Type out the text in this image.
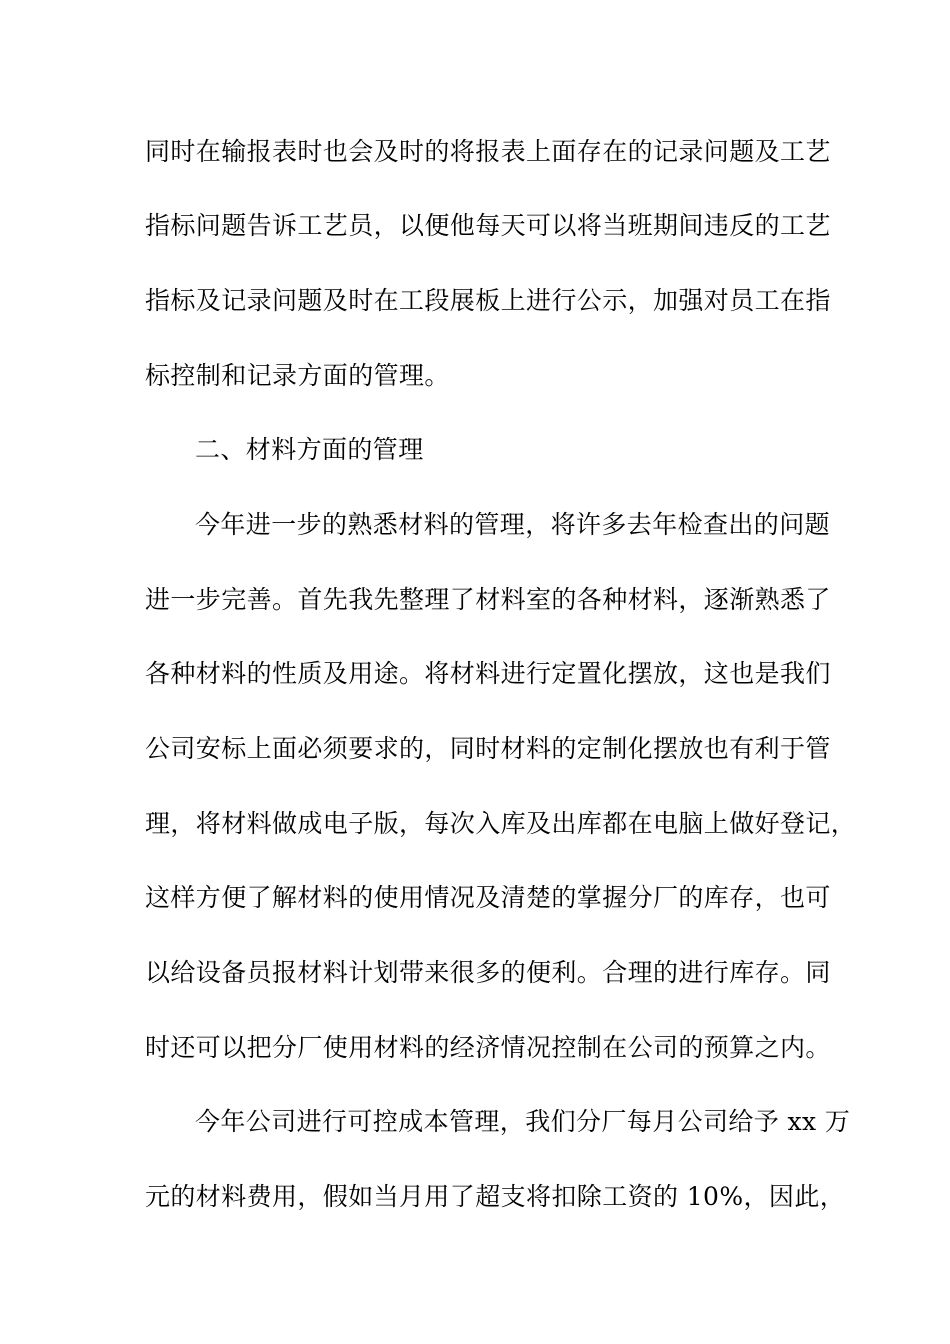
同时在输报表时也会及时的将报表上面存在的记录问题及工艺
指标问题告诉工艺员，以便他每天可以将当班期间违反的工艺
指标及记录问题及时在工段展板上进行公示，加强对员工在指
标控制和记录方面的管理。
二、材料方面的管理
今年进一步的熟悉材料的管理，将许多去年检查出的问题
进一步完善。首先我先整理了材料室的各种材料，逐渐熟悉了
各种材料的性质及用途。将材料进行定置化摆放，这也是我们
公司安标上面必须要求的，同时材料的定制化摆放也有利于管
理，将材料做成电子版，每次入库及出库都在电脑上做好登记，
这样方便了解材料的使用情况及清楚的掌握分厂的库存，也可
以给设备员报材料计划带来很多的便利。合理的进行库存。同
时还可以把分厂使用材料的经济情况控制在公司的预算之内。
今年公司进行可控成本管理，我们分厂每月公司给予 xx 万
元的材料费用，假如当月用了超支将扣除工资的 10%，因此，
